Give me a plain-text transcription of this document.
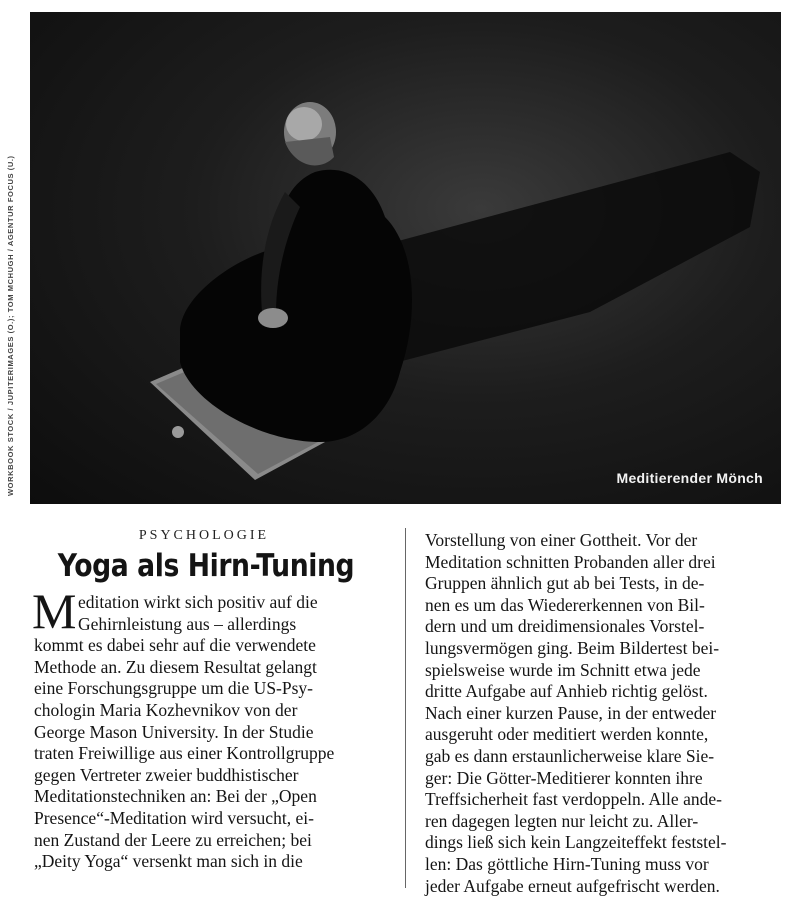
Meditierender Mönch
WORKBOOK STOCK / JUPITERIMAGES (O.); TOM MCHUGH / AGENTUR FOCUS (U.)
PSYCHOLOGIE
Yoga als Hirn-Tuning
M editation wirkt sich positiv auf die
Gehirnleistung aus – allerdings
kommt es dabei sehr auf die verwendete
Methode an. Zu diesem Resultat gelangt
eine Forschungsgruppe um die US-Psy-
chologin Maria Kozhevnikov von der
George Mason University. In der Studie
traten Freiwillige aus einer Kontrollgruppe
gegen Vertreter zweier buddhistischer
Meditationstechniken an: Bei der „Open
Presence“-Meditation wird versucht, ei-
nen Zustand der Leere zu erreichen; bei
„Deity Yoga“ versenkt man sich in die
Vorstellung von einer Gottheit. Vor der
Meditation schnitten Probanden aller drei
Gruppen ähnlich gut ab bei Tests, in de-
nen es um das Wiedererkennen von Bil-
dern und um dreidimensionales Vorstel-
lungsvermögen ging. Beim Bildertest bei-
spielsweise wurde im Schnitt etwa jede
dritte Aufgabe auf Anhieb richtig gelöst.
Nach einer kurzen Pause, in der entweder
ausgeruht oder meditiert werden konnte,
gab es dann erstaunlicherweise klare Sie-
ger: Die Götter-Meditierer konnten ihre
Treffsicherheit fast verdoppeln. Alle ande-
ren dagegen legten nur leicht zu. Aller-
dings ließ sich kein Langzeiteffekt feststel-
len: Das göttliche Hirn-Tuning muss vor
jeder Aufgabe erneut aufgefrischt werden.
